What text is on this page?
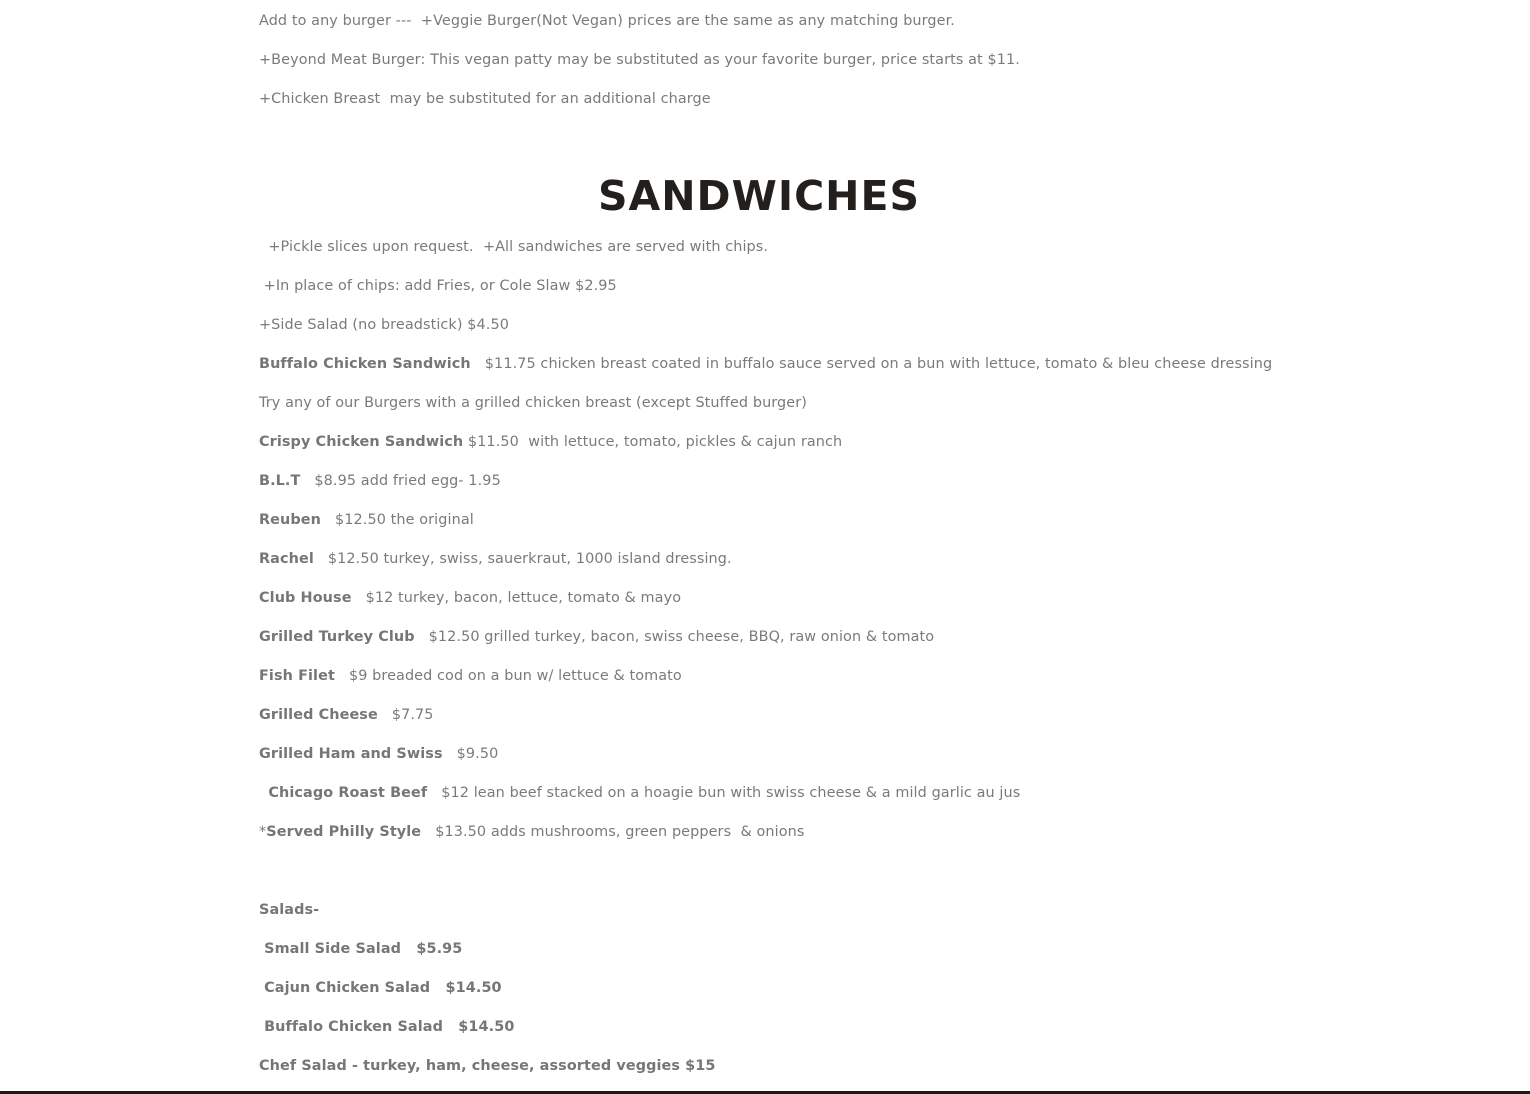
Add to any burger ---  +Veggie Burger(Not Vegan) prices are the same as any matching burger.
+Beyond Meat Burger: This vegan patty may be substituted as your favorite burger, price starts at $11.
+Chicken Breast  may be substituted for an additional charge
SANDWICHES
+Pickle slices upon request.  +All sandwiches are served with chips.
+In place of chips: add Fries, or Cole Slaw $2.95
+Side Salad (no breadstick) $4.50
Buffalo Chicken Sandwich   $11.75 chicken breast coated in buffalo sauce served on a bun with lettuce, tomato & bleu cheese dressing
Try any of our Burgers with a grilled chicken breast (except Stuffed burger)
Crispy Chicken Sandwich $11.50  with lettuce, tomato, pickles & cajun ranch
B.L.T   $8.95 add fried egg- 1.95
Reuben   $12.50 the original
Rachel   $12.50 turkey, swiss, sauerkraut, 1000 island dressing.
Club House   $12 turkey, bacon, lettuce, tomato & mayo
Grilled Turkey Club   $12.50 grilled turkey, bacon, swiss cheese, BBQ, raw onion & tomato
Fish Filet   $9 breaded cod on a bun w/ lettuce & tomato
Grilled Cheese   $7.75
Grilled Ham and Swiss   $9.50
Chicago Roast Beef   $12 lean beef stacked on a hoagie bun with swiss cheese & a mild garlic au jus
*Served Philly Style   $13.50 adds mushrooms, green peppers  & onions
Salads-
Small Side Salad   $5.95
Cajun Chicken Salad   $14.50
Buffalo Chicken Salad   $14.50
Chef Salad - turkey, ham, cheese, assorted veggies $15
